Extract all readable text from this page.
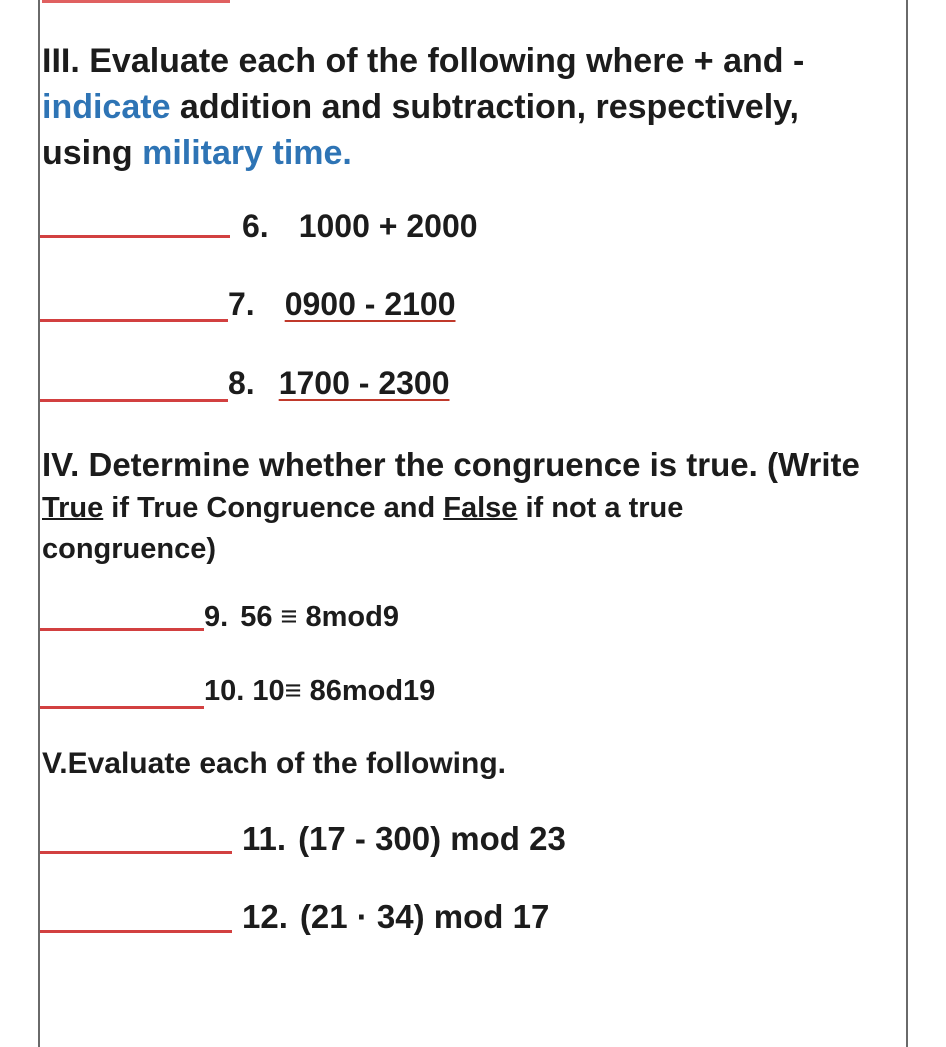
III. Evaluate each of the following where + and -
indicate addition and subtraction, respectively,
using military time.
6. 1000 + 2000
7. 0900 - 2100
8. 1700 - 2300
IV. Determine whether the congruence is true. (Write
True if True Congruence and False if not a true
congruence)
9. 56 ≡ 8mod9
10. 10≡ 86mod19
V.Evaluate each of the following.
11. (17 - 300) mod 23
12. (21 · 34) mod 17
